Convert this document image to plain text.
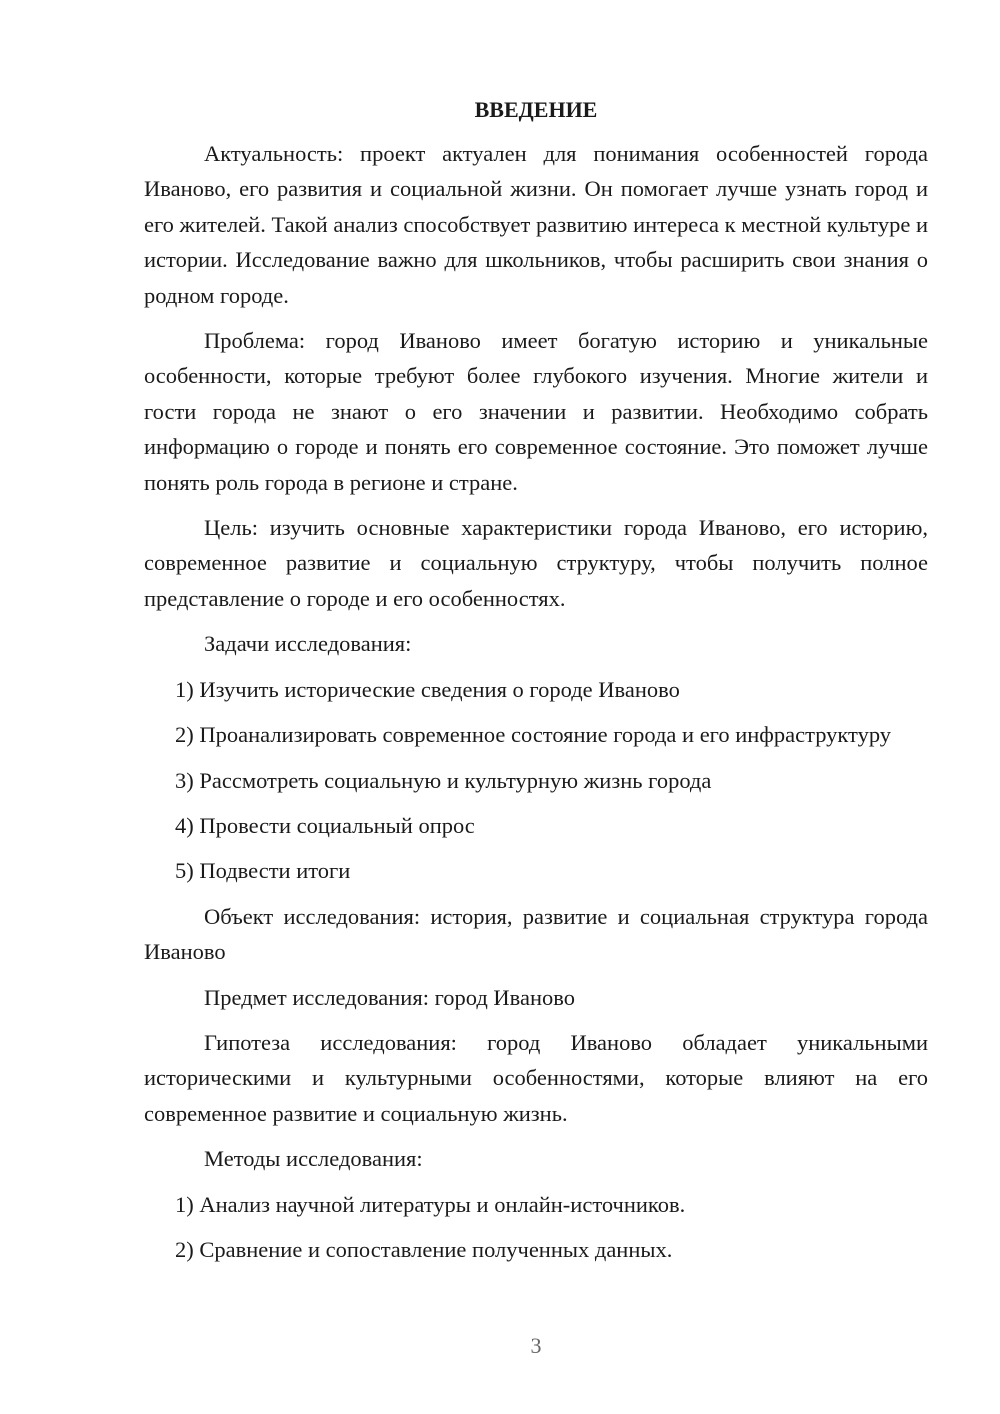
ВВЕДЕНИЕ

Актуальность: проект актуален для понимания особенностей города Иваново, его развития и социальной жизни. Он помогает лучше узнать город и его жителей. Такой анализ способствует развитию интереса к местной культуре и истории. Исследование важно для школьников, чтобы расширить свои знания о родном городе.

Проблема: город Иваново имеет богатую историю и уникальные особенности, которые требуют более глубокого изучения. Многие жители и гости города не знают о его значении и развитии. Необходимо собрать информацию о городе и понять его современное состояние. Это поможет лучше понять роль города в регионе и стране.

Цель: изучить основные характеристики города Иваново, его историю, современное развитие и социальную структуру, чтобы получить полное представление о городе и его особенностях.

Задачи исследования:

1) Изучить исторические сведения о городе Иваново

2) Проанализировать современное состояние города и его инфраструктуру

3) Рассмотреть социальную и культурную жизнь города

4) Провести социальный опрос

5) Подвести итоги

Объект исследования: история, развитие и социальная структура города Иваново

Предмет исследования: город Иваново

Гипотеза исследования: город Иваново обладает уникальными историческими и культурными особенностями, которые влияют на его современное развитие и социальную жизнь.

Методы исследования:

1) Анализ научной литературы и онлайн-источников.

2) Сравнение и сопоставление полученных данных.

3
